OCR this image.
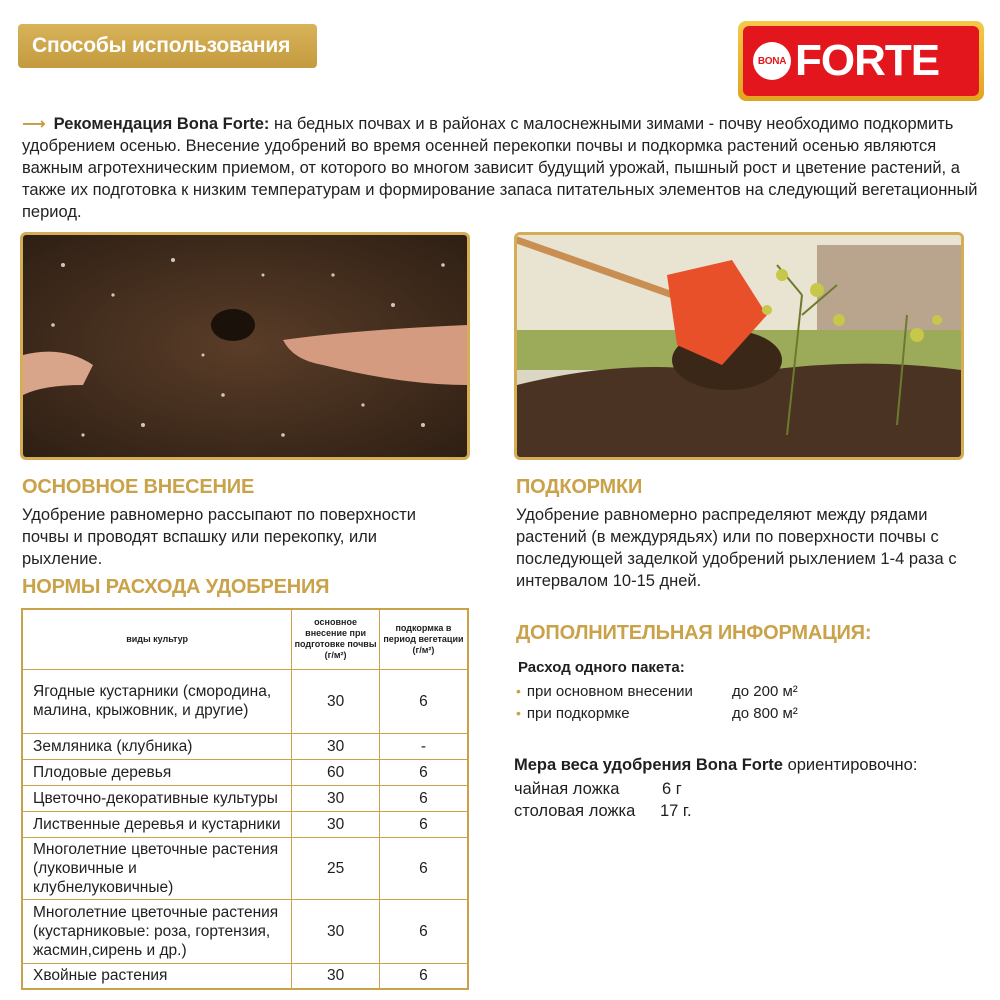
Способы использования
BONA FORTE
⟶ Рекомендация Bona Forte: на бедных почвах и в районах с малоснежными зимами - почву необходимо подкормить удобрением осенью. Внесение удобрений во время осенней перекопки почвы и подкормка растений осенью являются важным агротехническим приемом, от которого во многом зависит будущий урожай, пышный рост и цветение растений, а также их подготовка к низким температурам и формирование запаса питательных элементов на следующий вегетационный период.
ОСНОВНОЕ ВНЕСЕНИЕ
Удобрение равномерно рассыпают по поверхности почвы и проводят вспашку или перекопку, или рыхление.
ПОДКОРМКИ
Удобрение равномерно распределяют между рядами растений (в междурядьях) или по поверхности почвы с последующей заделкой удобрений рыхлением 1-4 раза с интервалом 10-15 дней.
НОРМЫ РАСХОДА УДОБРЕНИЯ
виды культур	основное внесение при подготовке почвы (г/м²)	подкормка в период вегетации (г/м²)
Ягодные кустарники (смородина, малина, крыжовник, и другие)	30	6
Земляника (клубника)	30	-
Плодовые деревья	60	6
Цветочно-декоративные культуры	30	6
Лиственные деревья и кустарники	30	6
Многолетние цветочные растения (луковичные и клубнелуковичные)	25	6
Многолетние цветочные растения (кустарниковые: роза, гортензия, жасмин,сирень и др.)	30	6
Хвойные растения	30	6
ДОПОЛНИТЕЛЬНАЯ ИНФОРМАЦИЯ:
Расход одного пакета:
• при основном внесении	до 200 м²
• при подкормке	до 800 м²
Мера веса удобрения Bona Forte ориентировочно:
чайная ложка	6 г
столовая ложка 17 г.
